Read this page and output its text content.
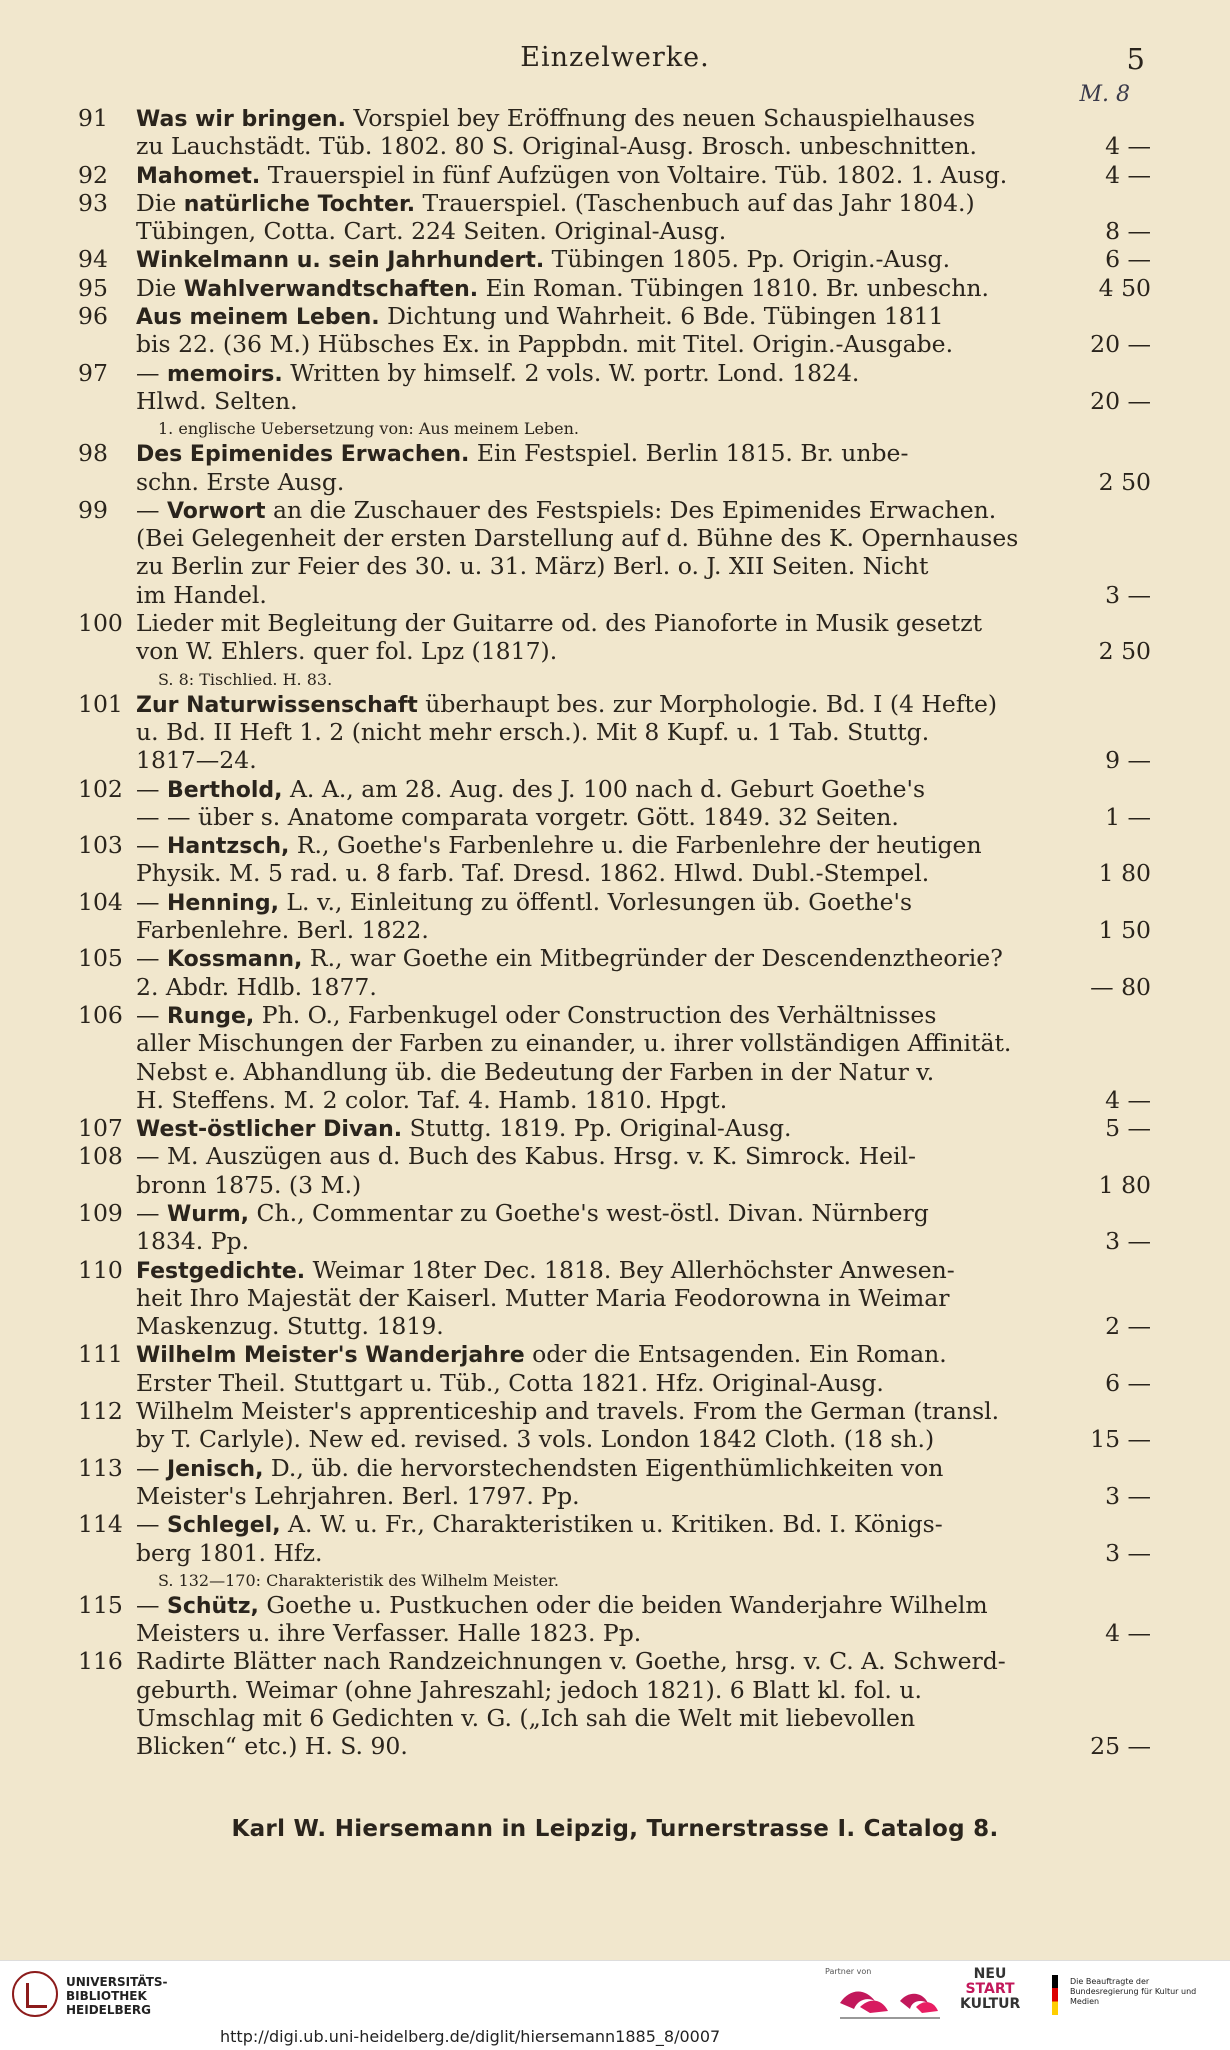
Einzelwerke.	5
M. 8
91	Was wir bringen. Vorspiel bey Eröffnung des neuen Schauspielhauses
zu Lauchstädt. Tüb. 1802. 80 S. Original-Ausg. Brosch. unbeschnitten.	4 —
92	Mahomet. Trauerspiel in fünf Aufzügen von Voltaire. Tüb. 1802. 1. Ausg.	4 —
93	Die natürliche Tochter. Trauerspiel. (Taschenbuch auf das Jahr 1804.)
Tübingen, Cotta. Cart. 224 Seiten. Original-Ausg.	8 —
94	Winkelmann u. sein Jahrhundert. Tübingen 1805. Pp. Origin.-Ausg.	6 —
95	Die Wahlverwandtschaften. Ein Roman. Tübingen 1810. Br. unbeschn.	4 50
96	Aus meinem Leben. Dichtung und Wahrheit. 6 Bde. Tübingen 1811
bis 22. (36 M.) Hübsches Ex. in Pappbdn. mit Titel. Origin.-Ausgabe.	20 —
97	— memoirs. Written by himself. 2 vols. W. portr. Lond. 1824.
Hlwd. Selten.	20 —
1. englische Uebersetzung von: Aus meinem Leben.
98	Des Epimenides Erwachen. Ein Festspiel. Berlin 1815. Br. unbe-
schn. Erste Ausg.	2 50
99	— Vorwort an die Zuschauer des Festspiels: Des Epimenides Erwachen.
(Bei Gelegenheit der ersten Darstellung auf d. Bühne des K. Opernhauses
zu Berlin zur Feier des 30. u. 31. März) Berl. o. J. XII Seiten. Nicht
im Handel.	3 —
100 Lieder mit Begleitung der Guitarre od. des Pianoforte in Musik gesetzt
von W. Ehlers. quer fol. Lpz (1817).	2 50
S. 8: Tischlied. H. 83.
101 Zur Naturwissenschaft überhaupt bes. zur Morphologie. Bd. I (4 Hefte)
u. Bd. II Heft 1. 2 (nicht mehr ersch.). Mit 8 Kupf. u. 1 Tab. Stuttg.
1817—24.	9 —
102 — Berthold, A. A., am 28. Aug. des J. 100 nach d. Geburt Goethe's
— — über s. Anatome comparata vorgetr. Gött. 1849. 32 Seiten.	1 —
103 — Hantzsch, R., Goethe's Farbenlehre u. die Farbenlehre der heutigen
Physik. M. 5 rad. u. 8 farb. Taf. Dresd. 1862. Hlwd. Dubl.-Stempel.	1 80
104 — Henning, L. v., Einleitung zu öffentl. Vorlesungen üb. Goethe's
Farbenlehre. Berl. 1822.	1 50
105 — Kossmann, R., war Goethe ein Mitbegründer der Descendenztheorie?
2. Abdr. Hdlb. 1877.	— 80
106 — Runge, Ph. O., Farbenkugel oder Construction des Verhältnisses
aller Mischungen der Farben zu einander, u. ihrer vollständigen Affinität.
Nebst e. Abhandlung üb. die Bedeutung der Farben in der Natur v.
H. Steffens. M. 2 color. Taf. 4. Hamb. 1810. Hpgt.	4 —
107 West-östlicher Divan. Stuttg. 1819. Pp. Original-Ausg.	5 —
108 — M. Auszügen aus d. Buch des Kabus. Hrsg. v. K. Simrock. Heil-
bronn 1875. (3 M.)	1 80
109 — Wurm, Ch., Commentar zu Goethe's west-östl. Divan. Nürnberg
1834. Pp.	3 —
110 Festgedichte. Weimar 18ter Dec. 1818. Bey Allerhöchster Anwesen-
heit Ihro Majestät der Kaiserl. Mutter Maria Feodorowna in Weimar
Maskenzug. Stuttg. 1819.	2 —
111 Wilhelm Meister's Wanderjahre oder die Entsagenden. Ein Roman.
Erster Theil. Stuttgart u. Tüb., Cotta 1821. Hfz. Original-Ausg.	6 —
112 Wilhelm Meister's apprenticeship and travels. From the German (transl.
by T. Carlyle). New ed. revised. 3 vols. London 1842 Cloth. (18 sh.)	15 —
113 — Jenisch, D., üb. die hervorstechendsten Eigenthümlichkeiten von
Meister's Lehrjahren. Berl. 1797. Pp.	3 —
114 — Schlegel, A. W. u. Fr., Charakteristiken u. Kritiken. Bd. I. Königs-
berg 1801. Hfz.	3 —
S. 132—170: Charakteristik des Wilhelm Meister.
115 — Schütz, Goethe u. Pustkuchen oder die beiden Wanderjahre Wilhelm
Meisters u. ihre Verfasser. Halle 1823. Pp.	4 —
116 Radirte Blätter nach Randzeichnungen v. Goethe, hrsg. v. C. A. Schwerd-
geburth. Weimar (ohne Jahreszahl; jedoch 1821). 6 Blatt kl. fol. u.
Umschlag mit 6 Gedichten v. G. („Ich sah die Welt mit liebevollen
Blicken“ etc.) H. S. 90.	25 —
Karl W. Hiersemann in Leipzig, Turnerstrasse I. Catalog 8.
UNIVERSITÄTS-
BIBLIOTHEK
HEIDELBERG
Partner von	NEU
START
KULTUR
Die Beauftragte der Bundesregierung für Kultur und Medien
http://digi.ub.uni-heidelberg.de/diglit/hiersemann1885_8/0007
